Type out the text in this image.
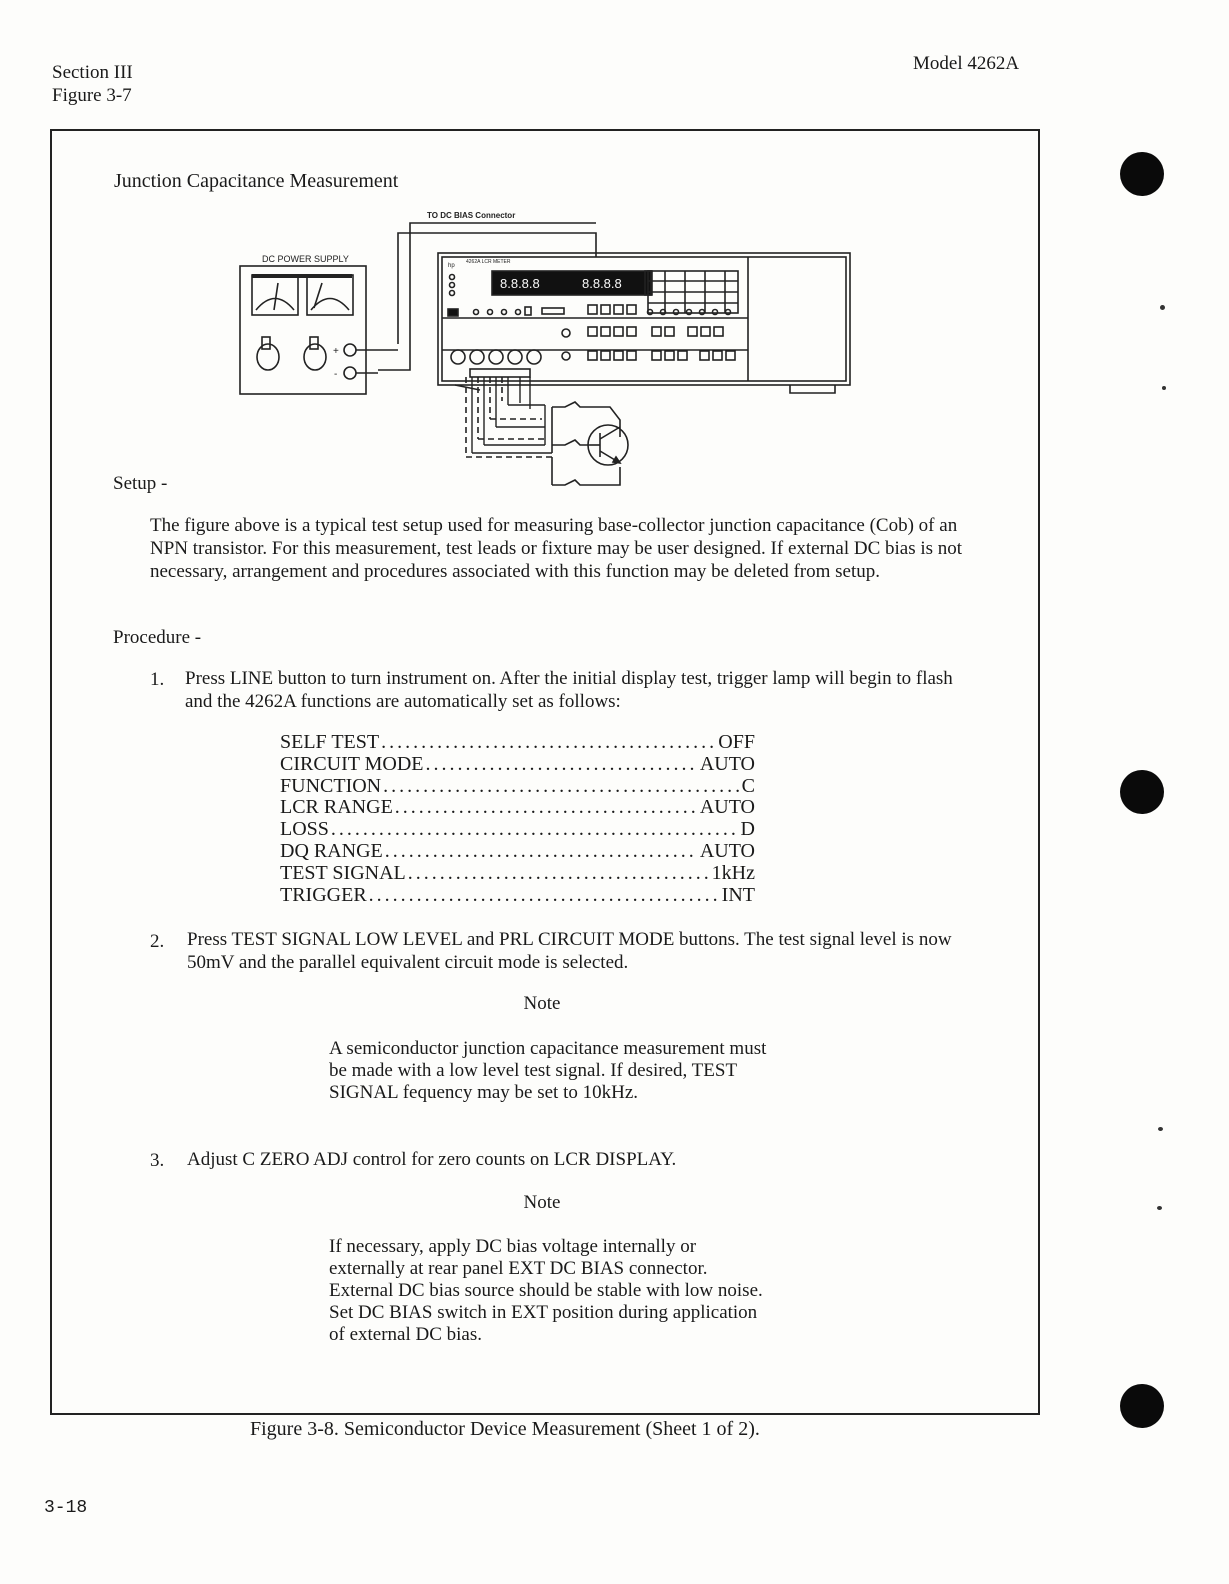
Section III
Figure 3-7
Model 4262A
Junction Capacitance Measurement
TO DC BIAS Connector
DC POWER SUPPLY
+
-
hp
4262A LCR METER
8.8.8.8	8.8.8.8
Setup -
The figure above is a typical test setup used for measuring base-collector junction capacitance (Cob) of an NPN transistor. For this measurement, test leads or fixture may be user designed. If external DC bias is not necessary, arrangement and procedures associated with this function may be deleted from setup.
Procedure -
1. Press LINE button to turn instrument on. After the initial display test, trigger lamp will begin to flash and the 4262A functions are automatically set as follows:
SELF TEST .....	OFF
CIRCUIT MODE .....	AUTO
FUNCTION .....	C
LCR RANGE .....	AUTO
LOSS .....	D
DQ RANGE .....	AUTO
TEST SIGNAL .....	1kHz
TRIGGER .....	INT
2. Press TEST SIGNAL LOW LEVEL and PRL CIRCUIT MODE buttons. The test signal level is now 50mV and the parallel equivalent circuit mode is selected.
Note
A semiconductor junction capacitance measurement must be made with a low level test signal. If desired, TEST SIGNAL fequency may be set to 10kHz.
3. Adjust C ZERO ADJ control for zero counts on LCR DISPLAY.
Note
If necessary, apply DC bias voltage internally or externally at rear panel EXT DC BIAS connector. External DC bias source should be stable with low noise. Set DC BIAS switch in EXT position during application of external DC bias.
Figure 3-8. Semiconductor Device Measurement (Sheet 1 of 2).
3-18
